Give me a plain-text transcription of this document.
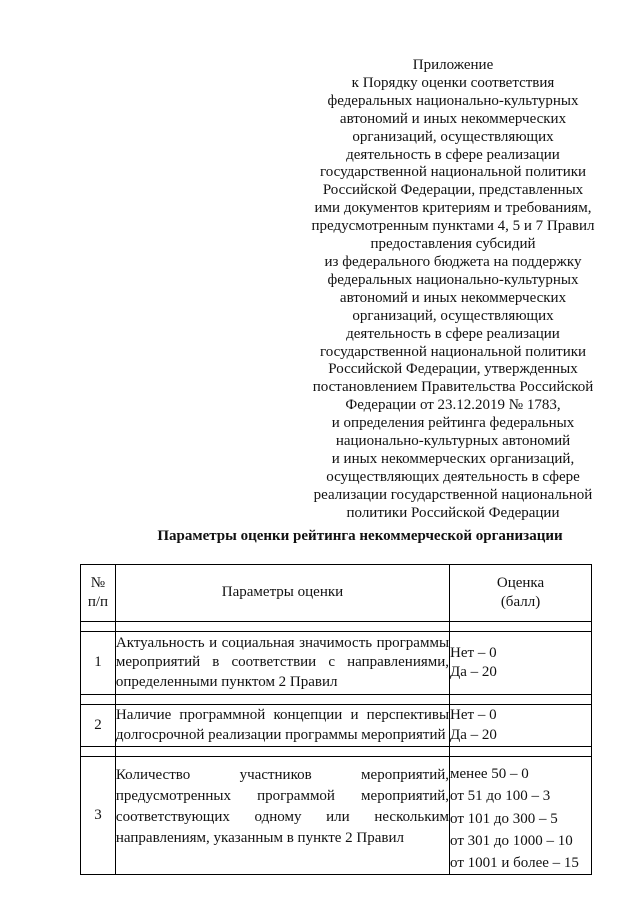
Приложение
к Порядку оценки соответствия
федеральных национально-культурных
автономий и иных некоммерческих
организаций, осуществляющих
деятельность в сфере реализации
государственной национальной политики
Российской Федерации, представленных
ими документов критериям и требованиям,
предусмотренным пунктами 4, 5 и 7 Правил
предоставления субсидий
из федерального бюджета на поддержку
федеральных национально-культурных
автономий и иных некоммерческих
организаций, осуществляющих
деятельность в сфере реализации
государственной национальной политики
Российской Федерации, утвержденных
постановлением Правительства Российской
Федерации от 23.12.2019 № 1783,
и определения рейтинга федеральных
национально-культурных автономий
и иных некоммерческих организаций,
осуществляющих деятельность в сфере
реализации государственной национальной
политики Российской Федерации
Параметры оценки рейтинга некоммерческой организации
№
п/п	Параметры оценки	Оценка
(балл)

1	Актуальность и социальная значимость программы мероприятий в соответствии с направлениями, определенными пунктом 2 Правил	Нет – 0
Да – 20

2	Наличие программной концепции и перспективы долгосрочной реализации программы мероприятий	Нет – 0
Да – 20

3	Количество участников мероприятий, предусмотренных программой мероприятий, соответствующих одному или нескольким направлениям, указанным в пункте 2 Правил	менее 50 – 0
от 51 до 100 – 3
от 101 до 300 – 5
от 301 до 1000 – 10
от 1001 и более – 15
